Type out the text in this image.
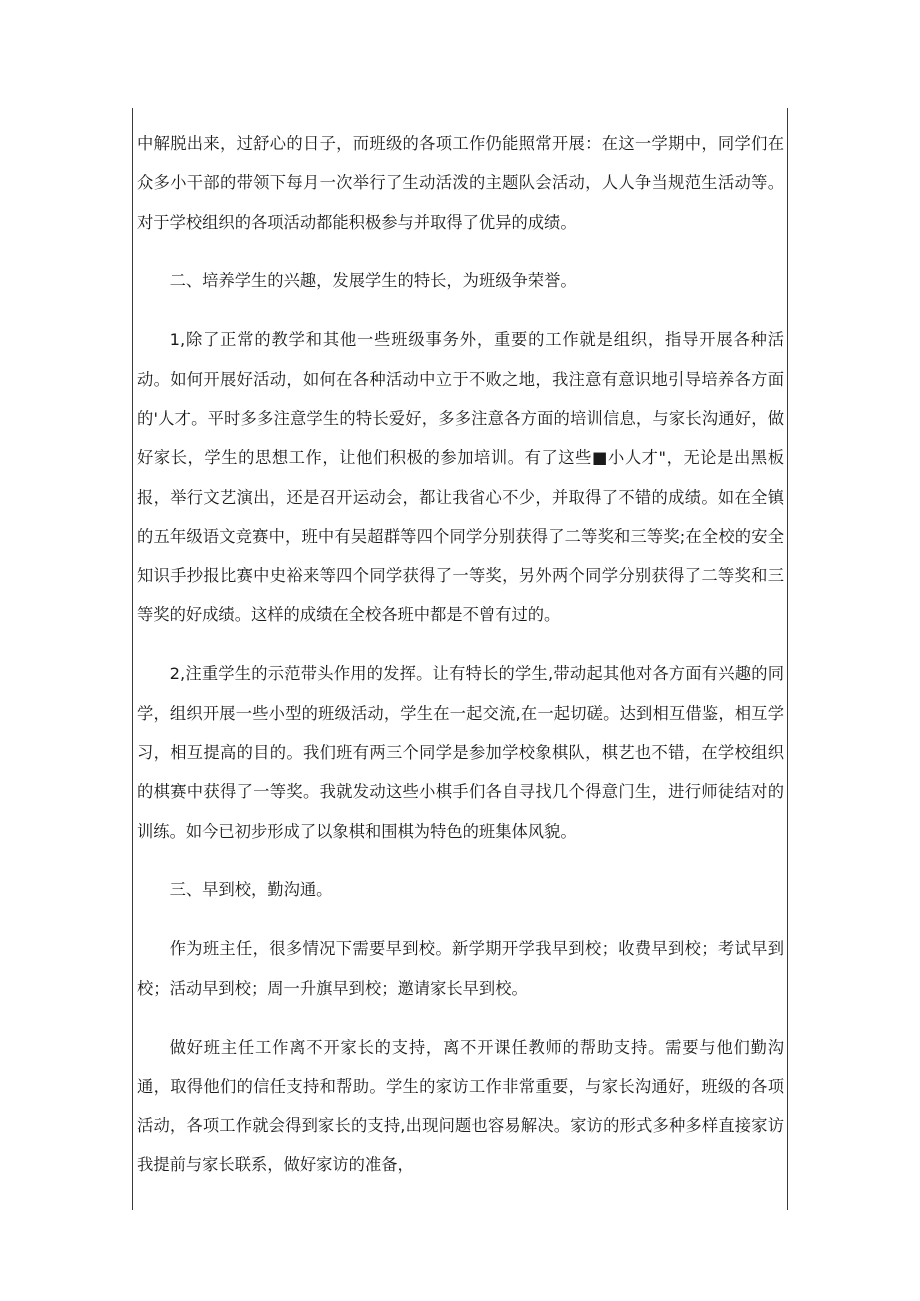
中解脱出来，过舒心的日子，而班级的各项工作仍能照常开展：在这一学期中，同学们在众多小干部的带领下每月一次举行了生动活泼的主题队会活动，人人争当规范生活动等。对于学校组织的各项活动都能积极参与并取得了优异的成绩。

二、培养学生的兴趣，发展学生的特长，为班级争荣誉。

1,除了正常的教学和其他一些班级事务外，重要的工作就是组织，指导开展各种活动。如何开展好活动，如何在各种活动中立于不败之地，我注意有意识地引导培养各方面的'人才。平时多多注意学生的特长爱好，多多注意各方面的培训信息，与家长沟通好，做好家长，学生的思想工作，让他们积极的参加培训。有了这些■小人才"，无论是出黑板报，举行文艺演出，还是召开运动会，都让我省心不少，并取得了不错的成绩。如在全镇的五年级语文竞赛中，班中有吴超群等四个同学分别获得了二等奖和三等奖;在全校的安全知识手抄报比赛中史裕来等四个同学获得了一等奖，另外两个同学分别获得了二等奖和三等奖的好成绩。这样的成绩在全校各班中都是不曾有过的。

2,注重学生的示范带头作用的发挥。让有特长的学生,带动起其他对各方面有兴趣的同学，组织开展一些小型的班级活动，学生在一起交流,在一起切磋。达到相互借鉴，相互学习，相互提高的目的。我们班有两三个同学是参加学校象棋队，棋艺也不错，在学校组织的棋赛中获得了一等奖。我就发动这些小棋手们各自寻找几个得意门生，进行师徒结对的训练。如今已初步形成了以象棋和围棋为特色的班集体风貌。

三、早到校，勤沟通。

作为班主任，很多情况下需要早到校。新学期开学我早到校；收费早到校；考试早到校；活动早到校；周一升旗早到校；邀请家长早到校。

做好班主任工作离不开家长的支持，离不开课任教师的帮助支持。需要与他们勤沟通，取得他们的信任支持和帮助。学生的家访工作非常重要，与家长沟通好，班级的各项活动，各项工作就会得到家长的支持,出现问题也容易解决。家访的形式多种多样直接家访我提前与家长联系，做好家访的准备，
